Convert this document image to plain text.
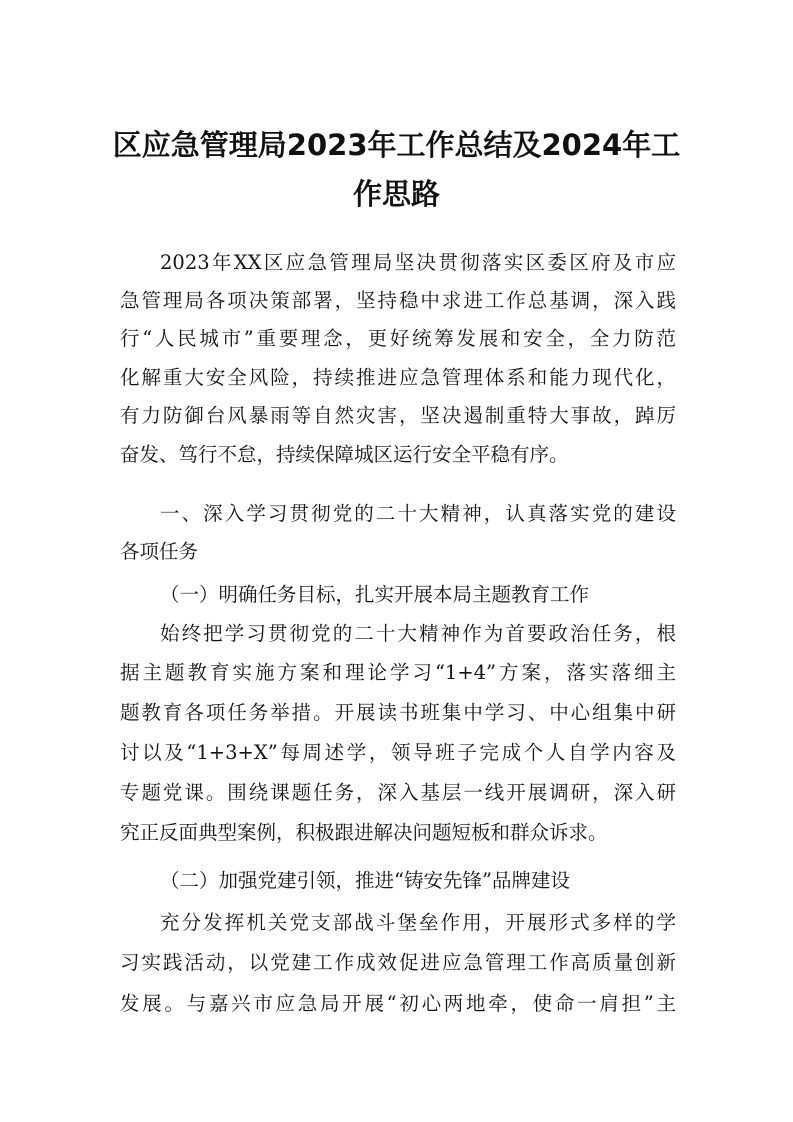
区应急管理局2023年工作总结及2024年工
作思路
2023年XX区应急管理局坚决贯彻落实区委区府及市应
急管理局各项决策部署，坚持稳中求进工作总基调，深入践
行“人民城市”重要理念，更好统筹发展和安全，全力防范
化解重大安全风险，持续推进应急管理体系和能力现代化，
有力防御台风暴雨等自然灾害，坚决遏制重特大事故，踔厉
奋发、笃行不怠，持续保障城区运行安全平稳有序。
一、深入学习贯彻党的二十大精神，认真落实党的建设
各项任务
（一）明确任务目标，扎实开展本局主题教育工作
始终把学习贯彻党的二十大精神作为首要政治任务，根
据主题教育实施方案和理论学习“1+4”方案，落实落细主
题教育各项任务举措。开展读书班集中学习、中心组集中研
讨以及“1+3+X”每周述学，领导班子完成个人自学内容及
专题党课。围绕课题任务，深入基层一线开展调研，深入研
究正反面典型案例，积极跟进解决问题短板和群众诉求。
（二）加强党建引领，推进“铸安先锋”品牌建设
充分发挥机关党支部战斗堡垒作用，开展形式多样的学
习实践活动，以党建工作成效促进应急管理工作高质量创新
发展。与嘉兴市应急局开展“初心两地牵，使命一肩担”主
